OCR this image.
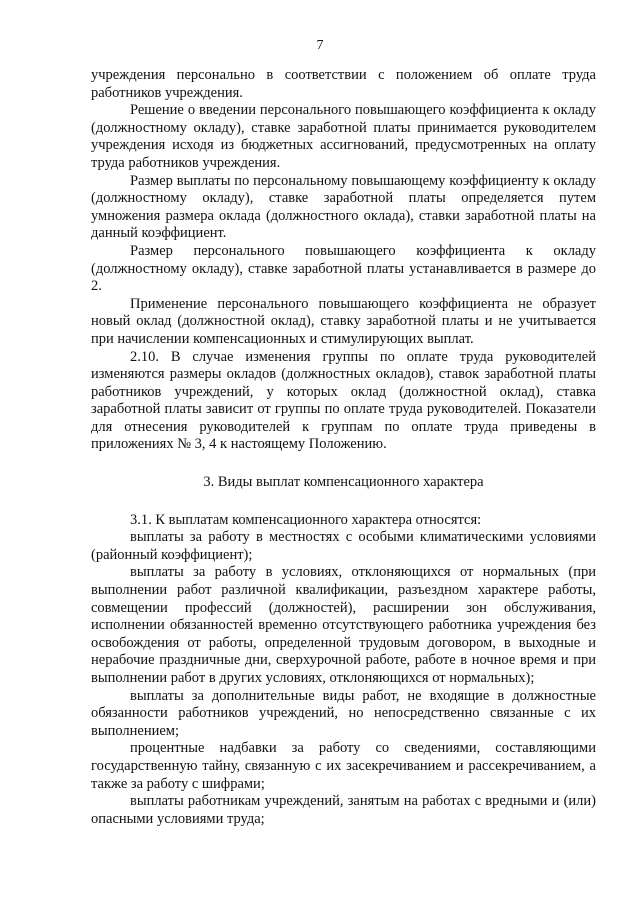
7

учреждения персонально в соответствии с положением об оплате труда работников учреждения.

Решение о введении персонального повышающего коэффициента к окладу (должностному окладу), ставке заработной платы принимается руководителем учреждения исходя из бюджетных ассигнований, предусмотренных на оплату труда работников учреждения.

Размер выплаты по персональному повышающему коэффициенту к окладу (должностному окладу), ставке заработной платы определяется путем умножения размера оклада (должностного оклада), ставки заработной платы на данный коэффициент.

Размер персонального повышающего коэффициента к окладу (должностному окладу), ставке заработной платы устанавливается в размере до 2.

Применение персонального повышающего коэффициента не образует новый оклад (должностной оклад), ставку заработной платы и не учитывается при начислении компенсационных и стимулирующих выплат.

2.10. В случае изменения группы по оплате труда руководителей изменяются размеры окладов (должностных окладов), ставок заработной платы работников учреждений, у которых оклад (должностной оклад), ставка заработной платы зависит от группы по оплате труда руководителей. Показатели для отнесения руководителей к группам по оплате труда приведены в приложениях № 3, 4 к настоящему Положению.

3. Виды выплат компенсационного характера

3.1. К выплатам компенсационного характера относятся:

выплаты за работу в местностях с особыми климатическими условиями (районный коэффициент);

выплаты за работу в условиях, отклоняющихся от нормальных (при выполнении работ различной квалификации, разъездном характере работы, совмещении профессий (должностей), расширении зон обслуживания, исполнении обязанностей временно отсутствующего работника учреждения без освобождения от работы, определенной трудовым договором, в выходные и нерабочие праздничные дни, сверхурочной работе, работе в ночное время и при выполнении работ в других условиях, отклоняющихся от нормальных);

выплаты за дополнительные виды работ, не входящие в должностные обязанности работников учреждений, но непосредственно связанные с их выполнением;

процентные надбавки за работу со сведениями, составляющими государственную тайну, связанную с их засекречиванием и рассекречиванием, а также за работу с шифрами;

выплаты работникам учреждений, занятым на работах с вредными и (или) опасными условиями труда;
